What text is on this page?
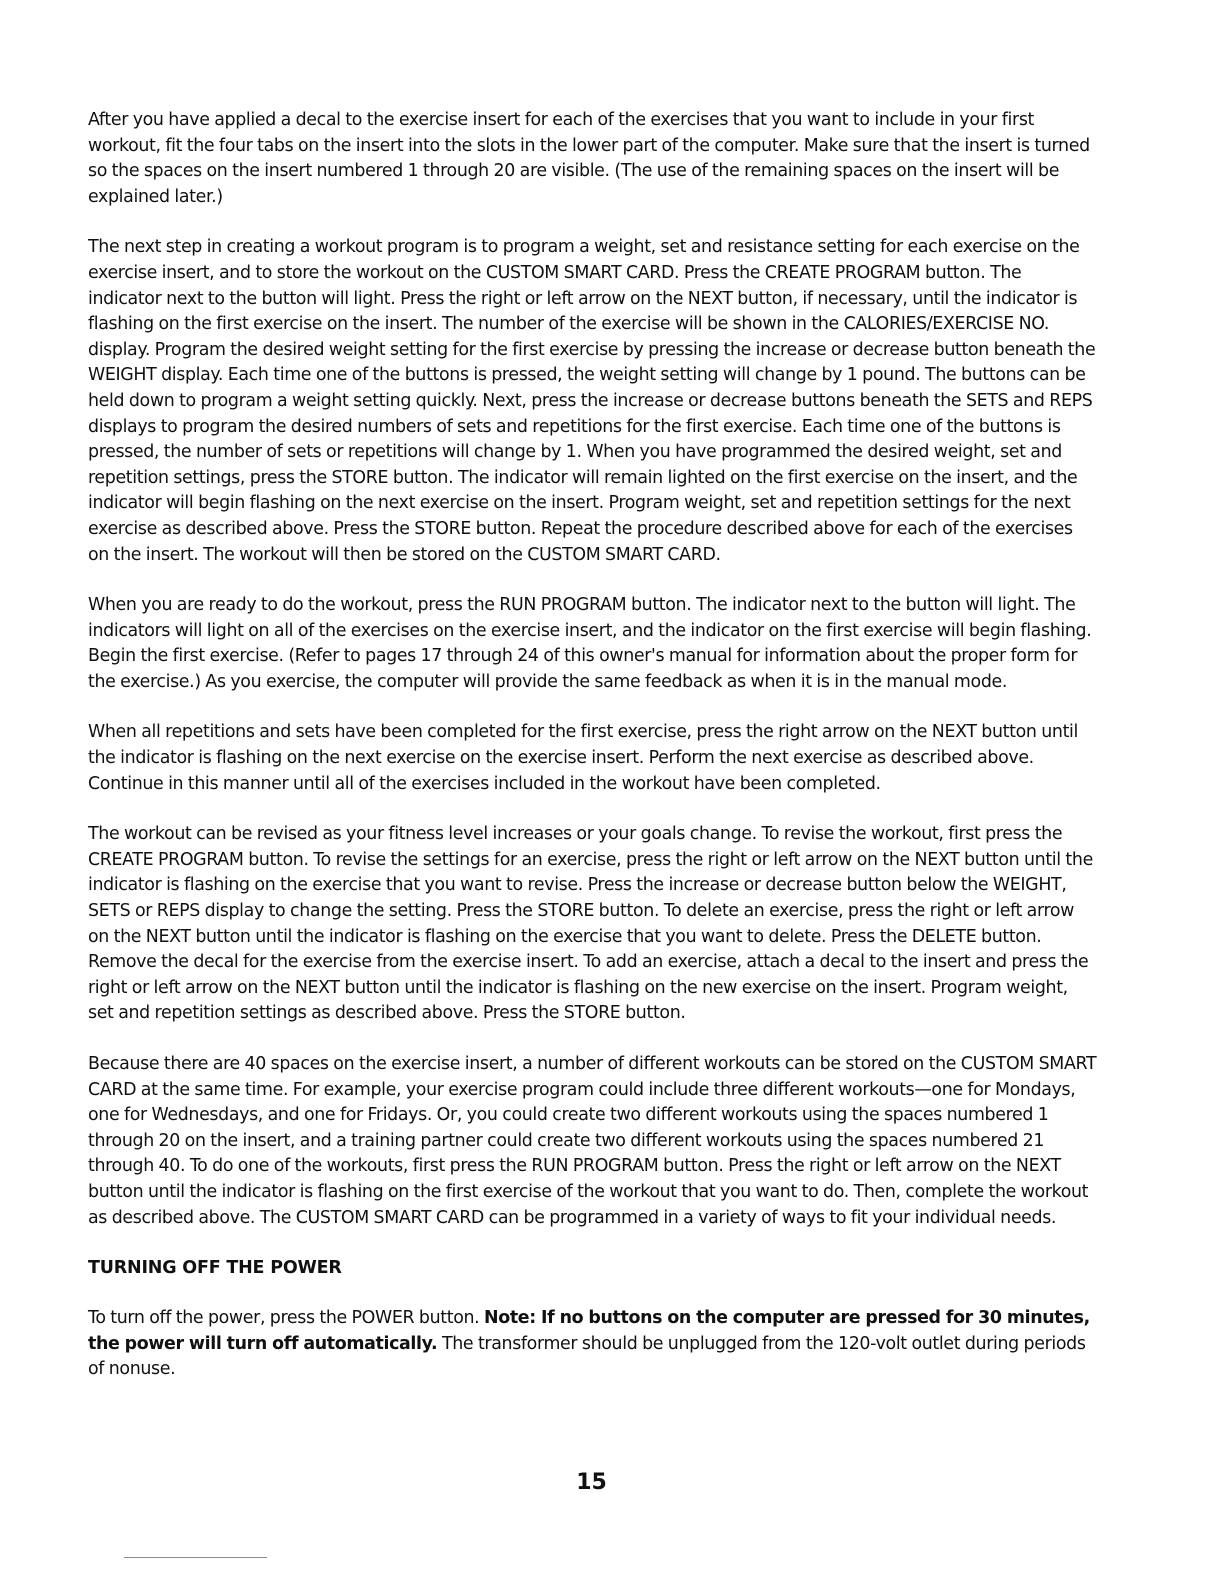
After you have applied a decal to the exercise insert for each of the exercises that you want to include in your first workout, fit the four tabs on the insert into the slots in the lower part of the computer. Make sure that the insert is turned so the spaces on the insert numbered 1 through 20 are visible. (The use of the remaining spaces on the insert will be explained later.)

The next step in creating a workout program is to program a weight, set and resistance setting for each exercise on the exercise insert, and to store the workout on the CUSTOM SMART CARD. Press the CREATE PROGRAM button. The indicator next to the button will light. Press the right or left arrow on the NEXT button, if necessary, until the indicator is flashing on the first exercise on the insert. The number of the exercise will be shown in the CALORIES/EXERCISE NO. display. Program the desired weight setting for the first exercise by pressing the increase or decrease button beneath the WEIGHT display. Each time one of the buttons is pressed, the weight setting will change by 1 pound. The buttons can be held down to program a weight setting quickly. Next, press the increase or decrease buttons beneath the SETS and REPS displays to program the desired numbers of sets and repetitions for the first exercise. Each time one of the buttons is pressed, the number of sets or repetitions will change by 1. When you have programmed the desired weight, set and repetition settings, press the STORE button. The indicator will remain lighted on the first exercise on the insert, and the indicator will begin flashing on the next exercise on the insert. Program weight, set and repetition settings for the next exercise as described above. Press the STORE button. Repeat the procedure described above for each of the exercises on the insert. The workout will then be stored on the CUSTOM SMART CARD.

When you are ready to do the workout, press the RUN PROGRAM button. The indicator next to the button will light. The indicators will light on all of the exercises on the exercise insert, and the indicator on the first exercise will begin flashing. Begin the first exercise. (Refer to pages 17 through 24 of this owner's manual for information about the proper form for the exercise.) As you exercise, the computer will provide the same feedback as when it is in the manual mode.

When all repetitions and sets have been completed for the first exercise, press the right arrow on the NEXT button until the indicator is flashing on the next exercise on the exercise insert. Perform the next exercise as described above. Continue in this manner until all of the exercises included in the workout have been completed.

The workout can be revised as your fitness level increases or your goals change. To revise the workout, first press the CREATE PROGRAM button. To revise the settings for an exercise, press the right or left arrow on the NEXT button until the indicator is flashing on the exercise that you want to revise. Press the increase or decrease button below the WEIGHT, SETS or REPS display to change the setting. Press the STORE button. To delete an exercise, press the right or left arrow on the NEXT button until the indicator is flashing on the exercise that you want to delete. Press the DELETE button. Remove the decal for the exercise from the exercise insert. To add an exercise, attach a decal to the insert and press the right or left arrow on the NEXT button until the indicator is flashing on the new exercise on the insert. Program weight, set and repetition settings as described above. Press the STORE button.

Because there are 40 spaces on the exercise insert, a number of different workouts can be stored on the CUSTOM SMART CARD at the same time. For example, your exercise program could include three different workouts—one for Mondays, one for Wednesdays, and one for Fridays. Or, you could create two different workouts using the spaces numbered 1 through 20 on the insert, and a training partner could create two different workouts using the spaces numbered 21 through 40. To do one of the workouts, first press the RUN PROGRAM button. Press the right or left arrow on the NEXT button until the indicator is flashing on the first exercise of the workout that you want to do. Then, complete the workout as described above. The CUSTOM SMART CARD can be programmed in a variety of ways to fit your individual needs.

TURNING OFF THE POWER

To turn off the power, press the POWER button. Note: If no buttons on the computer are pressed for 30 minutes, the power will turn off automatically. The transformer should be unplugged from the 120-volt outlet during periods of nonuse.

15
